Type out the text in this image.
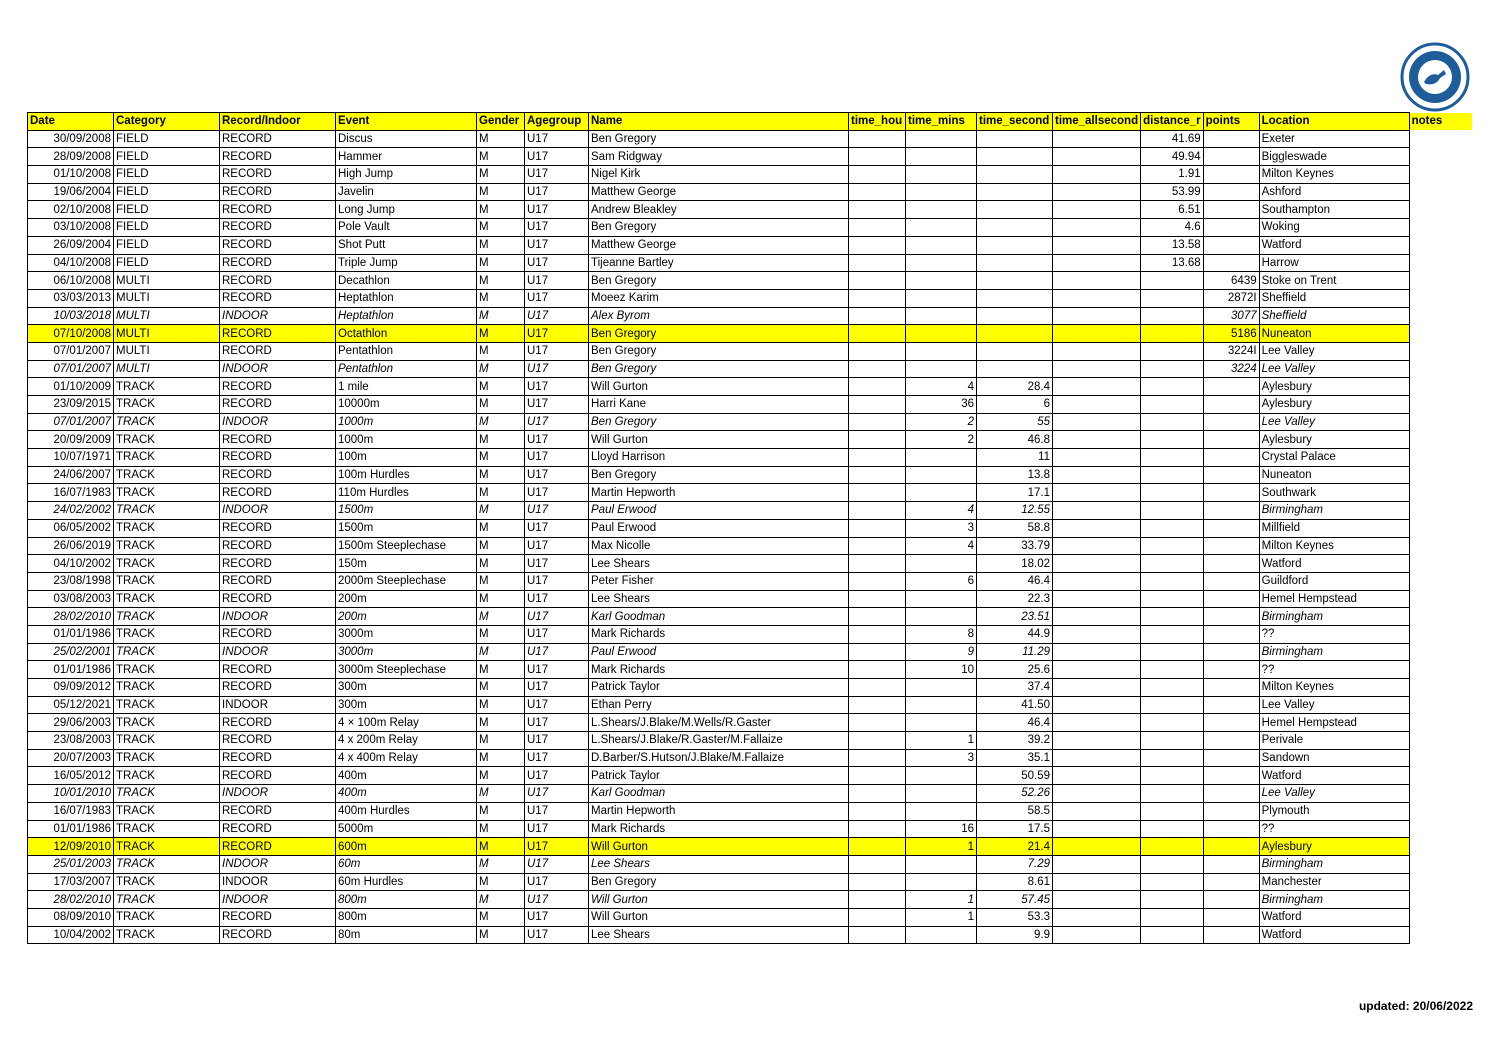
Date	Category	Record/Indoor	Event	Gender	Agegroup	Name	time_hou	time_mins	time_second	time_allsecond	distance_r	points	Location	notes
30/09/2008	FIELD	RECORD	Discus	M	U17	Ben Gregory					41.69		Exeter	
28/09/2008	FIELD	RECORD	Hammer	M	U17	Sam Ridgway					49.94		Biggleswade	
01/10/2008	FIELD	RECORD	High Jump	M	U17	Nigel Kirk					1.91		Milton Keynes	
19/06/2004	FIELD	RECORD	Javelin	M	U17	Matthew George					53.99		Ashford	
02/10/2008	FIELD	RECORD	Long Jump	M	U17	Andrew Bleakley					6.51		Southampton	
03/10/2008	FIELD	RECORD	Pole Vault	M	U17	Ben Gregory					4.6		Woking	
26/09/2004	FIELD	RECORD	Shot Putt	M	U17	Matthew George					13.58		Watford	
04/10/2008	FIELD	RECORD	Triple Jump	M	U17	Tijeanne Bartley					13.68		Harrow	
06/10/2008	MULTI	RECORD	Decathlon	M	U17	Ben Gregory						6439	Stoke on Trent	
03/03/2013	MULTI	RECORD	Heptathlon	M	U17	Moeez Karim						2872I	Sheffield	
10/03/2018	MULTI	INDOOR	Heptathlon	M	U17	Alex Byrom						3077	Sheffield	
07/10/2008	MULTI	RECORD	Octathlon	M	U17	Ben Gregory						5186	Nuneaton	
07/01/2007	MULTI	RECORD	Pentathlon	M	U17	Ben Gregory						3224I	Lee Valley	
07/01/2007	MULTI	INDOOR	Pentathlon	M	U17	Ben Gregory						3224	Lee Valley	
01/10/2009	TRACK	RECORD	1 mile	M	U17	Will Gurton		4	28.4				Aylesbury	
23/09/2015	TRACK	RECORD	10000m	M	U17	Harri Kane		36	6				Aylesbury	
07/01/2007	TRACK	INDOOR	1000m	M	U17	Ben Gregory		2	55				Lee Valley	
20/09/2009	TRACK	RECORD	1000m	M	U17	Will Gurton		2	46.8				Aylesbury	
10/07/1971	TRACK	RECORD	100m	M	U17	Lloyd Harrison			11				Crystal Palace	
24/06/2007	TRACK	RECORD	100m Hurdles	M	U17	Ben Gregory			13.8				Nuneaton	
16/07/1983	TRACK	RECORD	110m Hurdles	M	U17	Martin Hepworth			17.1				Southwark	
24/02/2002	TRACK	INDOOR	1500m	M	U17	Paul Erwood		4	12.55				Birmingham	
06/05/2002	TRACK	RECORD	1500m	M	U17	Paul Erwood		3	58.8				Millfield	
26/06/2019	TRACK	RECORD	1500m Steeplechase	M	U17	Max Nicolle		4	33.79				Milton Keynes	
04/10/2002	TRACK	RECORD	150m	M	U17	Lee Shears			18.02				Watford	
23/08/1998	TRACK	RECORD	2000m Steeplechase	M	U17	Peter Fisher		6	46.4				Guildford	
03/08/2003	TRACK	RECORD	200m	M	U17	Lee Shears			22.3				Hemel Hempstead	
28/02/2010	TRACK	INDOOR	200m	M	U17	Karl Goodman			23.51				Birmingham	
01/01/1986	TRACK	RECORD	3000m	M	U17	Mark Richards		8	44.9				??	
25/02/2001	TRACK	INDOOR	3000m	M	U17	Paul Erwood		9	11.29				Birmingham	
01/01/1986	TRACK	RECORD	3000m Steeplechase	M	U17	Mark Richards		10	25.6				??	
09/09/2012	TRACK	RECORD	300m	M	U17	Patrick Taylor			37.4				Milton Keynes	
05/12/2021	TRACK	INDOOR	300m	M	U17	Ethan Perry			41.50				Lee Valley	
29/06/2003	TRACK	RECORD	4 × 100m Relay	M	U17	L.Shears/J.Blake/M.Wells/R.Gaster			46.4				Hemel Hempstead	
23/08/2003	TRACK	RECORD	4 x 200m Relay	M	U17	L.Shears/J.Blake/R.Gaster/M.Fallaize		1	39.2				Perivale	
20/07/2003	TRACK	RECORD	4 x 400m Relay	M	U17	D.Barber/S.Hutson/J.Blake/M.Fallaize		3	35.1				Sandown	
16/05/2012	TRACK	RECORD	400m	M	U17	Patrick Taylor			50.59				Watford	
10/01/2010	TRACK	INDOOR	400m	M	U17	Karl Goodman			52.26				Lee Valley	
16/07/1983	TRACK	RECORD	400m Hurdles	M	U17	Martin Hepworth			58.5				Plymouth	
01/01/1986	TRACK	RECORD	5000m	M	U17	Mark Richards		16	17.5				??	
12/09/2010	TRACK	RECORD	600m	M	U17	Will Gurton		1	21.4				Aylesbury	
25/01/2003	TRACK	INDOOR	60m	M	U17	Lee Shears			7.29				Birmingham	
17/03/2007	TRACK	INDOOR	60m Hurdles	M	U17	Ben Gregory			8.61				Manchester	
28/02/2010	TRACK	INDOOR	800m	M	U17	Will Gurton		1	57.45				Birmingham	
08/09/2010	TRACK	RECORD	800m	M	U17	Will Gurton		1	53.3				Watford	
10/04/2002	TRACK	RECORD	80m	M	U17	Lee Shears			9.9				Watford	
updated: 20/06/2022
